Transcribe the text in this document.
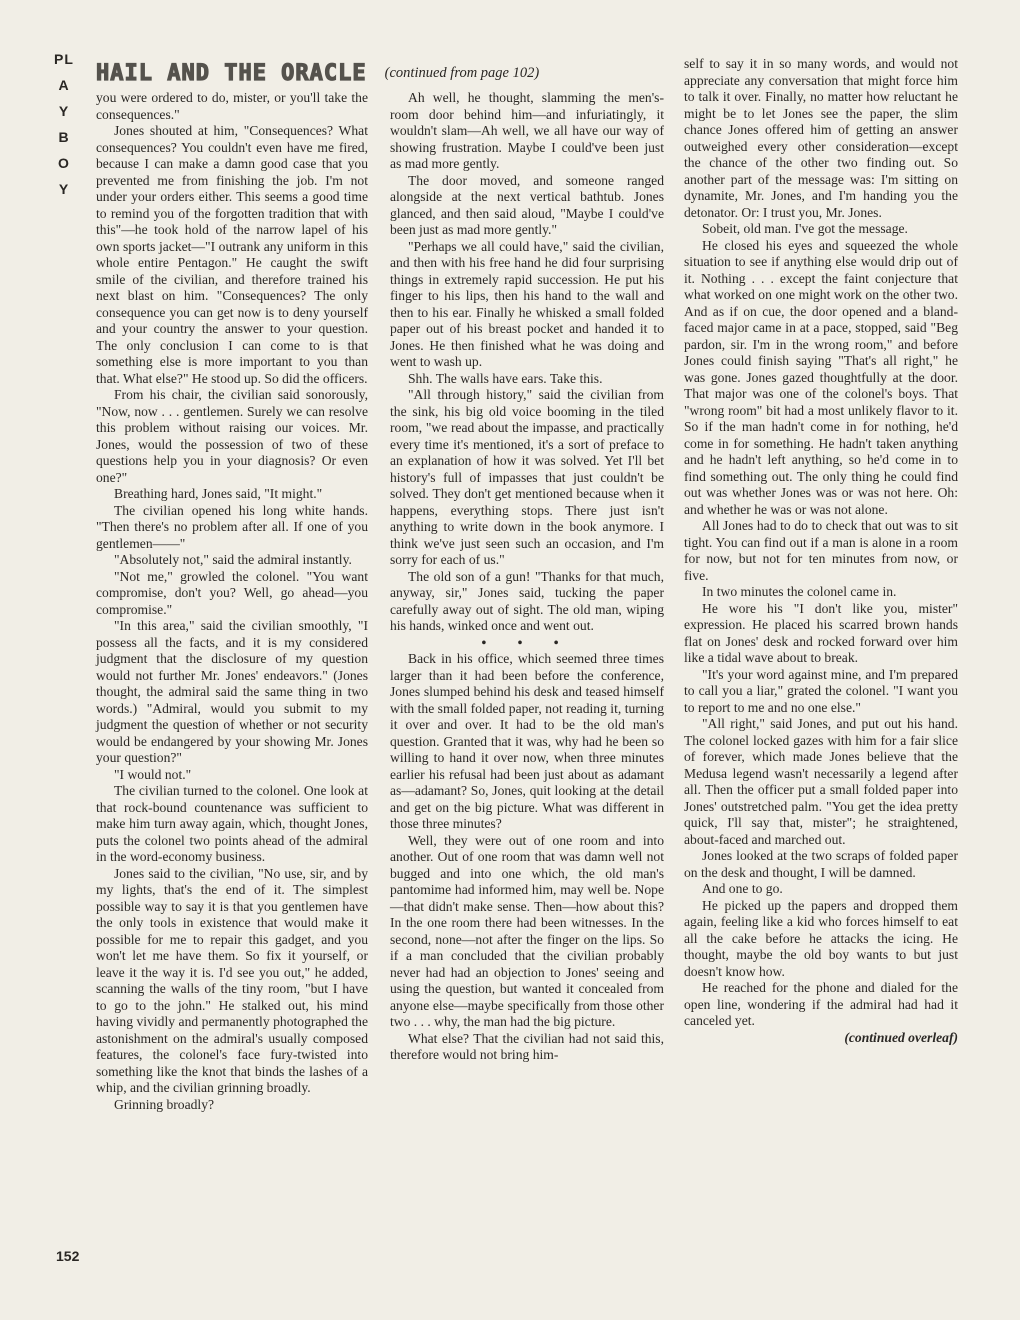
PLAYBOY
HAIL AND THE ORACLE (continued from page 102)

you were ordered to do, mister, or you'll take the consequences."

Jones shouted at him, "Consequences? What consequences? You couldn't even have me fired, because I can make a damn good case that you prevented me from finishing the job. I'm not under your orders either. This seems a good time to remind you of the forgotten tradition that with this"—he took hold of the narrow lapel of his own sports jacket—"I outrank any uniform in this whole entire Pentagon." He caught the swift smile of the civilian, and therefore trained his next blast on him. "Consequences? The only consequence you can get now is to deny yourself and your country the answer to your question. The only conclusion I can come to is that something else is more important to you than that. What else?" He stood up. So did the officers.

From his chair, the civilian said sonorously, "Now, now . . . gentlemen. Surely we can resolve this problem without raising our voices. Mr. Jones, would the possession of two of these questions help you in your diagnosis? Or even one?"

Breathing hard, Jones said, "It might."

The civilian opened his long white hands. "Then there's no problem after all. If one of you gentlemen——"

"Absolutely not," said the admiral instantly.

"Not me," growled the colonel. "You want compromise, don't you? Well, go ahead—you compromise."

"In this area," said the civilian smoothly, "I possess all the facts, and it is my considered judgment that the disclosure of my question would not further Mr. Jones' endeavors." (Jones thought, the admiral said the same thing in two words.) "Admiral, would you submit to my judgment the question of whether or not security would be endangered by your showing Mr. Jones your question?"

"I would not."

The civilian turned to the colonel. One look at that rock-bound countenance was sufficient to make him turn away again, which, thought Jones, puts the colonel two points ahead of the admiral in the word-economy business.

Jones said to the civilian, "No use, sir, and by my lights, that's the end of it. The simplest possible way to say it is that you gentlemen have the only tools in existence that would make it possible for me to repair this gadget, and you won't let me have them. So fix it yourself, or leave it the way it is. I'd see you out," he added, scanning the walls of the tiny room, "but I have to go to the john." He stalked out, his mind having vividly and permanently photographed the astonishment on the admiral's usually composed features, the colonel's face fury-twisted into something like the knot that binds the lashes of a whip, and the civilian grinning broadly.

Grinning broadly?

Ah well, he thought, slamming the men's-room door behind him—and infuriatingly, it wouldn't slam—Ah well, we all have our way of showing frustration. Maybe I could've been just as mad more gently.

The door moved, and someone ranged alongside at the next vertical bathtub. Jones glanced, and then said aloud, "Maybe I could've been just as mad more gently."

"Perhaps we all could have," said the civilian, and then with his free hand he did four surprising things in extremely rapid succession. He put his finger to his lips, then his hand to the wall and then to his ear. Finally he whisked a small folded paper out of his breast pocket and handed it to Jones. He then finished what he was doing and went to wash up.

Shh. The walls have ears. Take this.

"All through history," said the civilian from the sink, his big old voice booming in the tiled room, "we read about the impasse, and practically every time it's mentioned, it's a sort of preface to an explanation of how it was solved. Yet I'll bet history's full of impasses that just couldn't be solved. They don't get mentioned because when it happens, everything stops. There just isn't anything to write down in the book anymore. I think we've just seen such an occasion, and I'm sorry for each of us."

The old son of a gun! "Thanks for that much, anyway, sir," Jones said, tucking the paper carefully away out of sight. The old man, wiping his hands, winked once and went out.

• • •

Back in his office, which seemed three times larger than it had been before the conference, Jones slumped behind his desk and teased himself with the small folded paper, not reading it, turning it over and over. It had to be the old man's question. Granted that it was, why had he been so willing to hand it over now, when three minutes earlier his refusal had been just about as adamant as—adamant? So, Jones, quit looking at the detail and get on the big picture. What was different in those three minutes?

Well, they were out of one room and into another. Out of one room that was damn well not bugged and into one which, the old man's pantomime had informed him, may well be. Nope—that didn't make sense. Then—how about this? In the one room there had been witnesses. In the second, none—not after the finger on the lips. So if a man concluded that the civilian probably never had had an objection to Jones' seeing and using the question, but wanted it concealed from anyone else—maybe specifically from those other two . . . why, the man had the big picture.

What else? That the civilian had not said this, therefore would not bring him-

self to say it in so many words, and would not appreciate any conversation that might force him to talk it over. Finally, no matter how reluctant he might be to let Jones see the paper, the slim chance Jones offered him of getting an answer outweighed every other consideration—except the chance of the other two finding out. So another part of the message was: I'm sitting on dynamite, Mr. Jones, and I'm handing you the detonator. Or: I trust you, Mr. Jones.

Sobeit, old man. I've got the message.

He closed his eyes and squeezed the whole situation to see if anything else would drip out of it. Nothing . . . except the faint conjecture that what worked on one might work on the other two. And as if on cue, the door opened and a bland-faced major came in at a pace, stopped, said "Beg pardon, sir. I'm in the wrong room," and before Jones could finish saying "That's all right," he was gone. Jones gazed thoughtfully at the door. That major was one of the colonel's boys. That "wrong room" bit had a most unlikely flavor to it. So if the man hadn't come in for nothing, he'd come in for something. He hadn't taken anything and he hadn't left anything, so he'd come in to find something out. The only thing he could find out was whether Jones was or was not here. Oh: and whether he was or was not alone.

All Jones had to do to check that out was to sit tight. You can find out if a man is alone in a room for now, but not for ten minutes from now, or five.

In two minutes the colonel came in.

He wore his "I don't like you, mister" expression. He placed his scarred brown hands flat on Jones' desk and rocked forward over him like a tidal wave about to break.

"It's your word against mine, and I'm prepared to call you a liar," grated the colonel. "I want you to report to me and no one else."

"All right," said Jones, and put out his hand. The colonel locked gazes with him for a fair slice of forever, which made Jones believe that the Medusa legend wasn't necessarily a legend after all. Then the officer put a small folded paper into Jones' outstretched palm. "You get the idea pretty quick, I'll say that, mister"; he straightened, about-faced and marched out.

Jones looked at the two scraps of folded paper on the desk and thought, I will be damned.

And one to go.

He picked up the papers and dropped them again, feeling like a kid who forces himself to eat all the cake before he attacks the icing. He thought, maybe the old boy wants to but just doesn't know how.

He reached for the phone and dialed for the open line, wondering if the admiral had had it canceled yet.

(continued overleaf)

152
